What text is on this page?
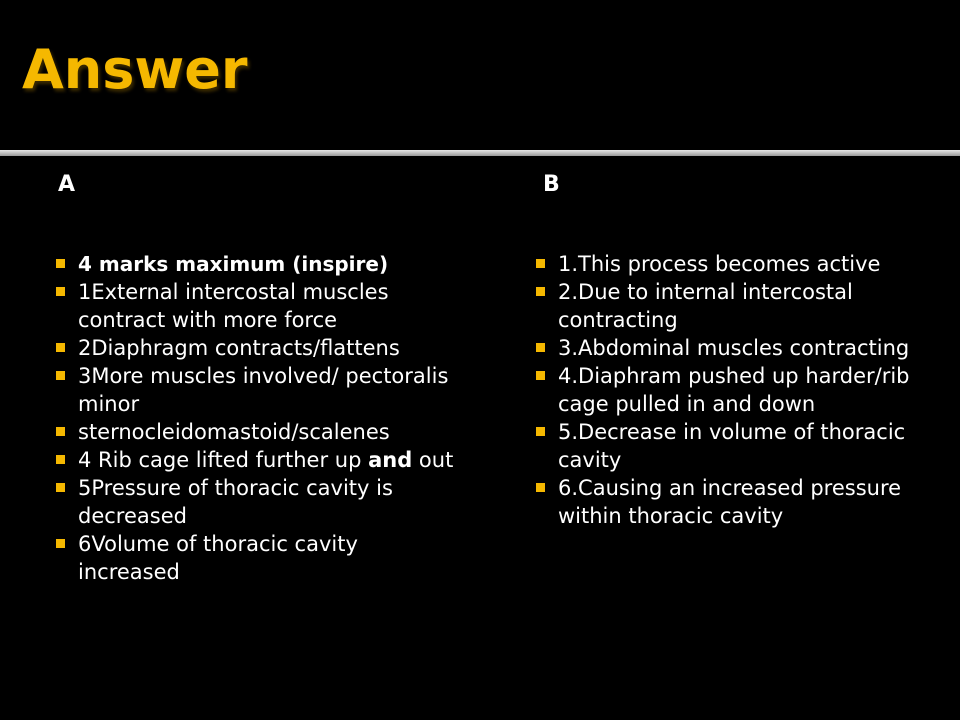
Answer
A	B
4 marks maximum (inspire)
1External intercostal muscles contract with more force
2Diaphragm contracts/flattens
3More muscles involved/ pectoralis minor
sternocleidomastoid/scalenes
4 Rib cage lifted further up and out
5Pressure of thoracic cavity is decreased
6Volume of thoracic cavity increased
1.This process becomes active
2.Due to internal intercostal contracting
3.Abdominal muscles contracting
4.Diaphram pushed up harder/rib cage pulled in and down
5.Decrease in volume of thoracic cavity
6.Causing an increased pressure within thoracic cavity
